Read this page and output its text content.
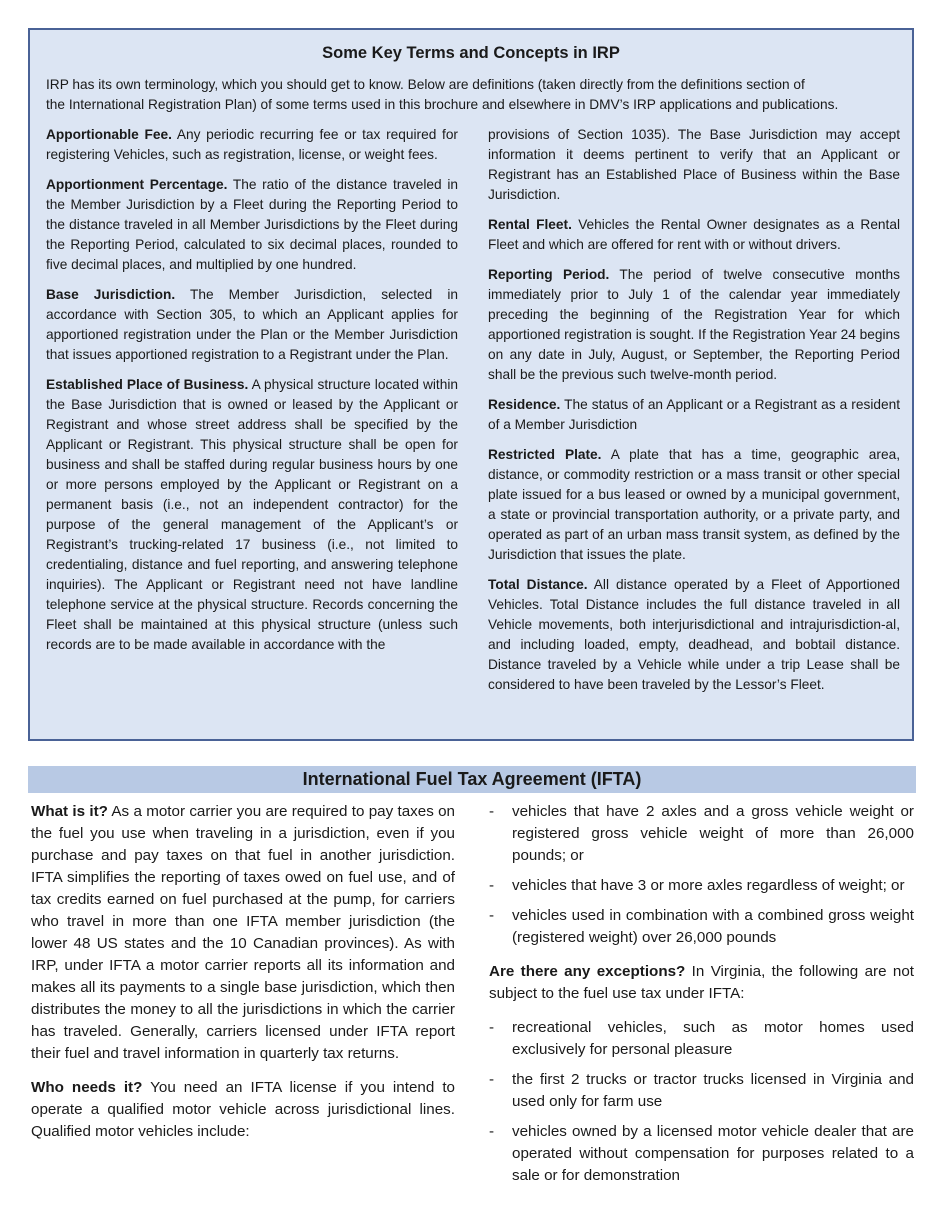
Some Key Terms and Concepts in IRP
IRP has its own terminology, which you should get to know. Below are definitions (taken directly from the definitions section of
the International Registration Plan) of some terms used in this brochure and elsewhere in DMV’s IRP applications and publications.

Apportionable Fee. Any periodic recurring fee or tax required for registering Vehicles, such as registration, license, or weight fees.

Apportionment Percentage. The ratio of the distance traveled in the Member Jurisdiction by a Fleet during the Reporting Period to the distance traveled in all Member Jurisdictions by the Fleet during the Reporting Period, calculated to six decimal places, rounded to five decimal places, and multiplied by one hundred.

Base Jurisdiction. The Member Jurisdiction, selected in accordance with Section 305, to which an Applicant applies for apportioned registration under the Plan or the Member Jurisdiction that issues apportioned registration to a Registrant under the Plan.

Established Place of Business. A physical structure located within the Base Jurisdiction that is owned or leased by the Applicant or Registrant and whose street address shall be specified by the Applicant or Registrant. This physical structure shall be open for business and shall be staffed during regular business hours by one or more persons employed by the Applicant or Registrant on a permanent basis (i.e., not an independent contractor) for the purpose of the general management of the Applicant’s or Registrant’s trucking-related 17 business (i.e., not limited to credentialing, distance and fuel reporting, and answering telephone inquiries). The Applicant or Registrant need not have landline telephone service at the physical structure. Records concerning the Fleet shall be maintained at this physical structure (unless such records are to be made available in accordance with the

provisions of Section 1035). The Base Jurisdiction may accept information it deems pertinent to verify that an Applicant or Registrant has an Established Place of Business within the Base Jurisdiction.

Rental Fleet. Vehicles the Rental Owner designates as a Rental Fleet and which are offered for rent with or without drivers.

Reporting Period. The period of twelve consecutive months immediately prior to July 1 of the calendar year immediately preceding the beginning of the Registration Year for which apportioned registration is sought. If the Registration Year 24 begins on any date in July, August, or September, the Reporting Period shall be the previous such twelve-month period.

Residence. The status of an Applicant or a Registrant as a resident of a Member Jurisdiction

Restricted Plate. A plate that has a time, geographic area, distance, or commodity restriction or a mass transit or other special plate issued for a bus leased or owned by a municipal government, a state or provincial transportation authority, or a private party, and operated as part of an urban mass transit system, as defined by the Jurisdiction that issues the plate.

Total Distance. All distance operated by a Fleet of Apportioned Vehicles. Total Distance includes the full distance traveled in all Vehicle movements, both interjurisdictional and intrajurisdiction-al, and including loaded, empty, deadhead, and bobtail distance. Distance traveled by a Vehicle while under a trip Lease shall be considered to have been traveled by the Lessor’s Fleet.

International Fuel Tax Agreement (IFTA)

What is it? As a motor carrier you are required to pay taxes on the fuel you use when traveling in a jurisdiction, even if you purchase and pay taxes on that fuel in another jurisdiction. IFTA simplifies the reporting of taxes owed on fuel use, and of tax credits earned on fuel purchased at the pump, for carriers who travel in more than one IFTA member jurisdiction (the lower 48 US states and the 10 Canadian provinces). As with IRP, under IFTA a motor carrier reports all its information and makes all its payments to a single base jurisdiction, which then distributes the money to all the jurisdictions in which the carrier has traveled. Generally, carriers licensed under IFTA report their fuel and travel information in quarterly tax returns.

Who needs it? You need an IFTA license if you intend to operate a qualified motor vehicle across jurisdictional lines. Qualified motor vehicles include:

- vehicles that have 2 axles and a gross vehicle weight or registered gross vehicle weight of more than 26,000 pounds; or
- vehicles that have 3 or more axles regardless of weight; or
- vehicles used in combination with a combined gross weight (registered weight) over 26,000 pounds

Are there any exceptions? In Virginia, the following are not subject to the fuel use tax under IFTA:

- recreational vehicles, such as motor homes used exclusively for personal pleasure
- the first 2 trucks or tractor trucks licensed in Virginia and used only for farm use
- vehicles owned by a licensed motor vehicle dealer that are operated without compensation for purposes related to a sale or for demonstration
